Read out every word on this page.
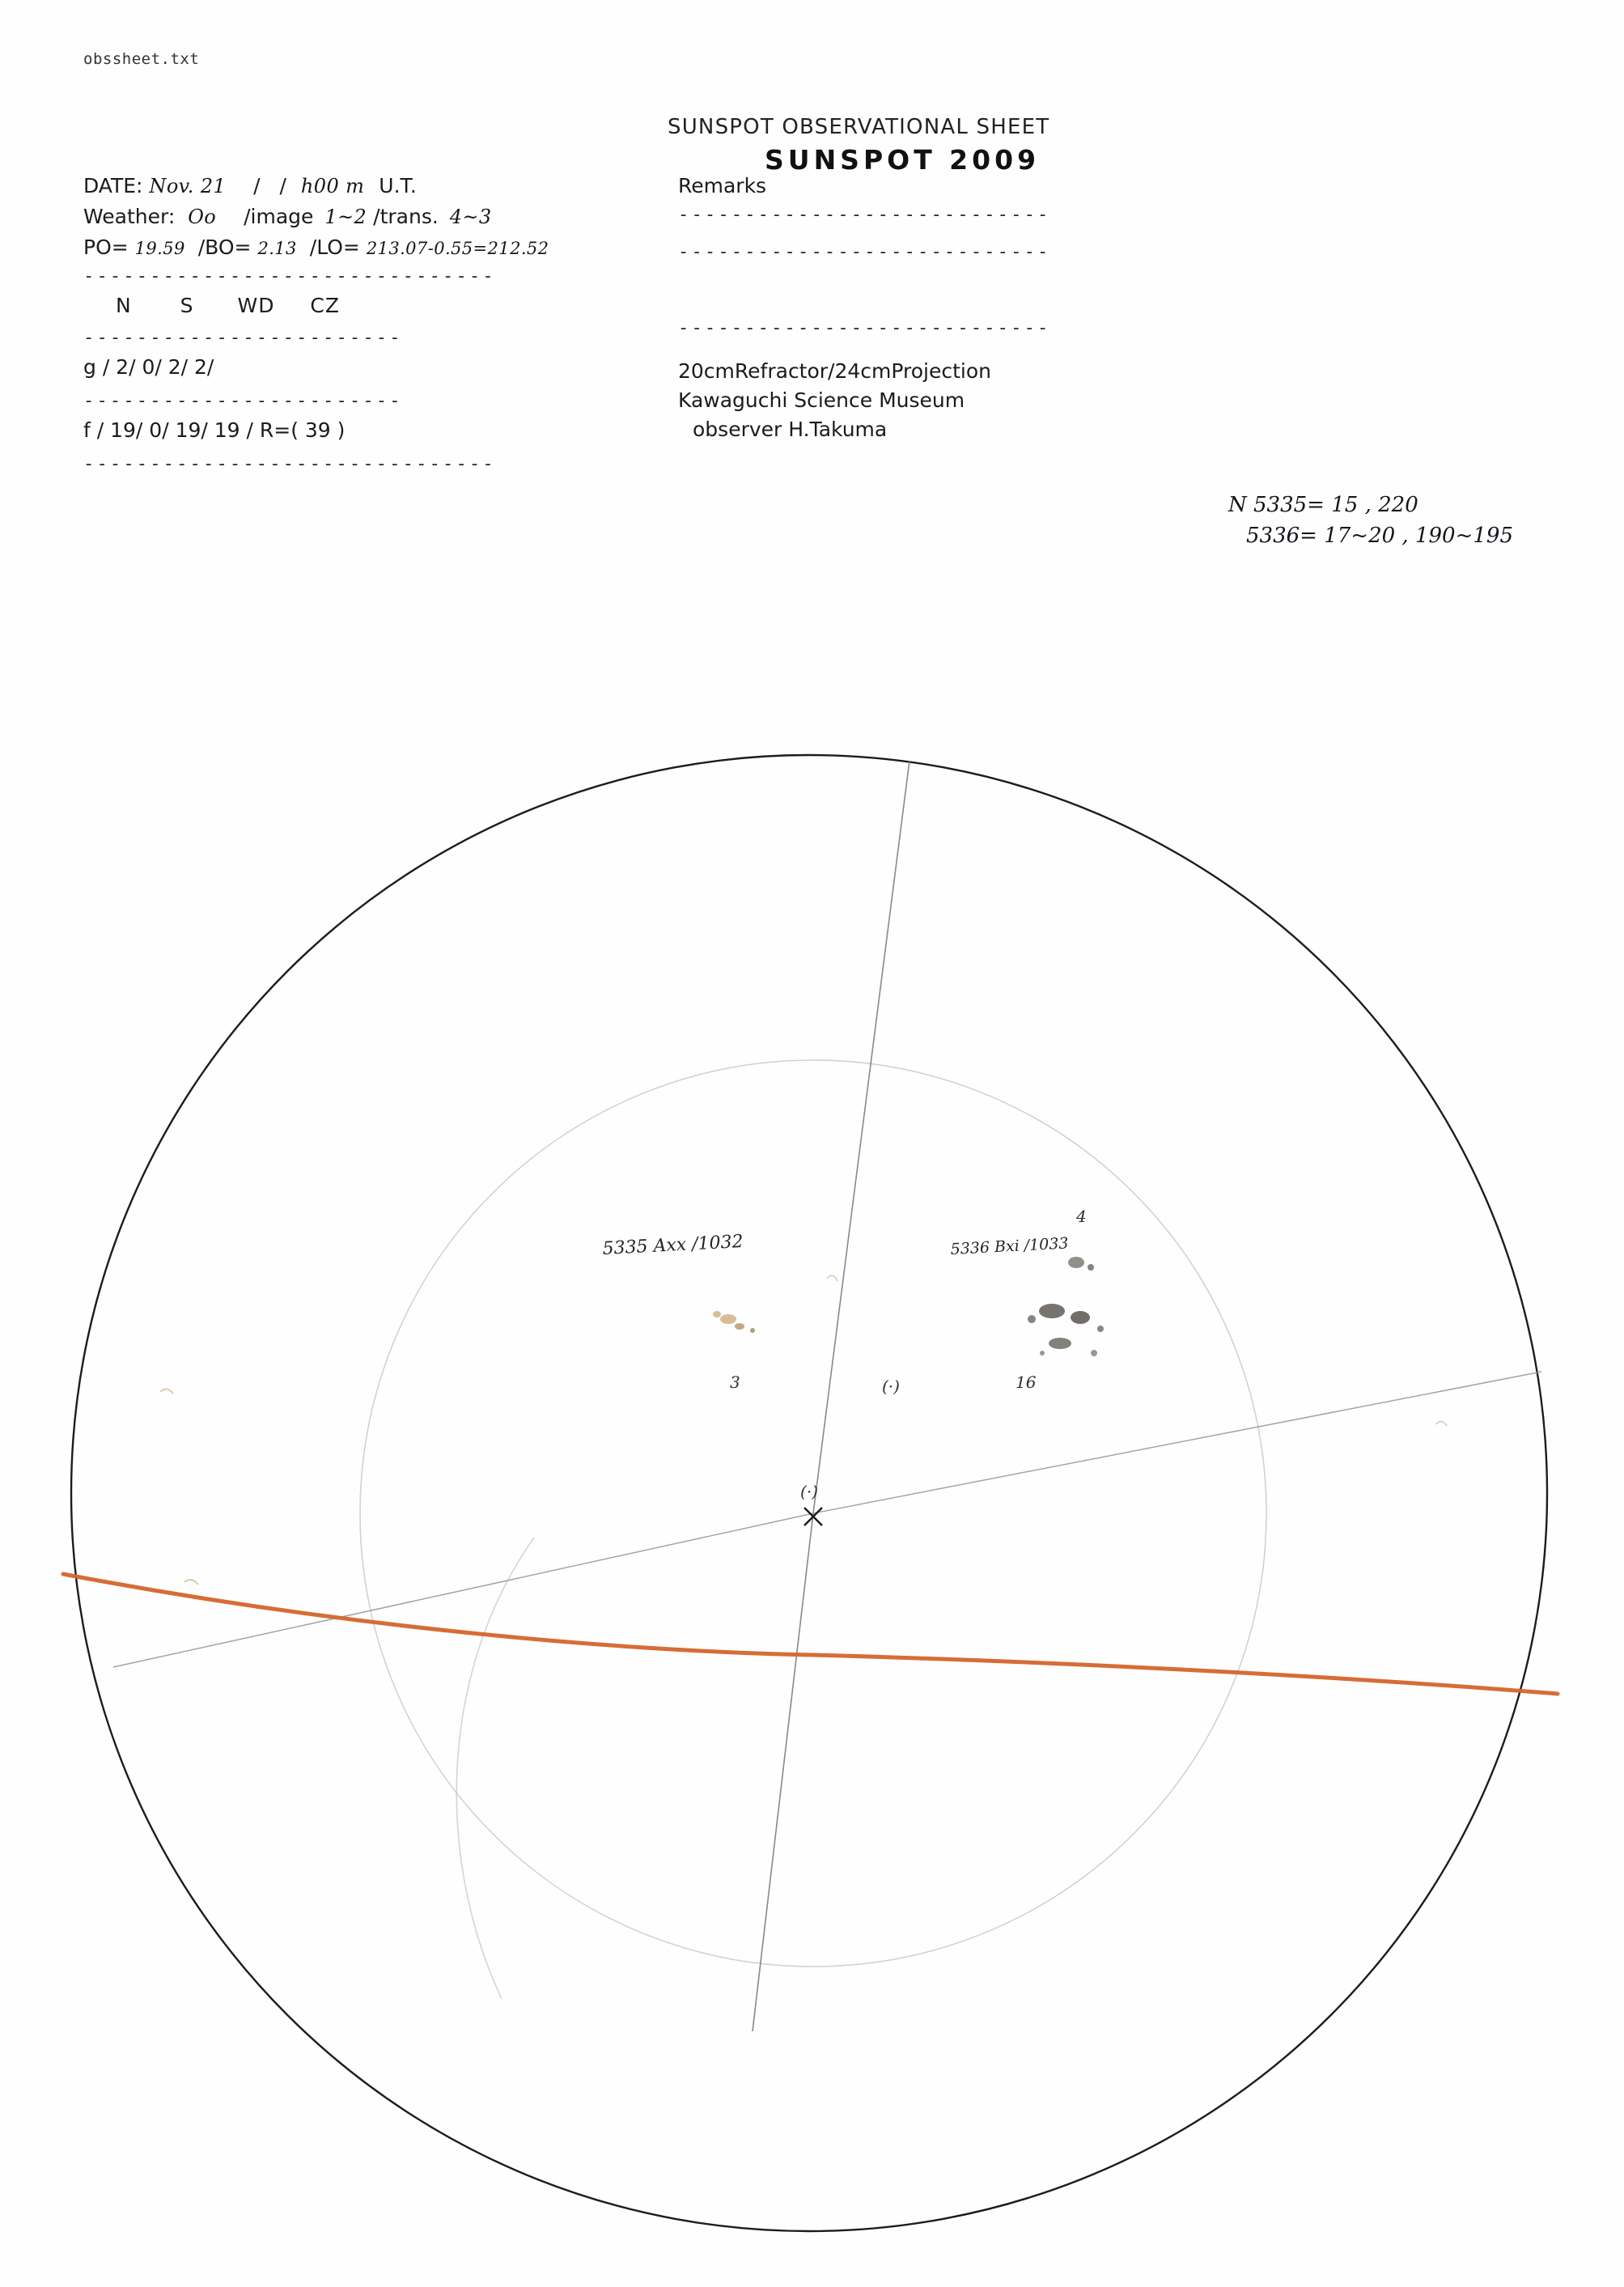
obssheet.txt
SUNSPOT OBSERVATIONAL SHEET
SUNSPOT 2009
DATE: Nov. 21 / / h00 m U.T.
Weather: Oo /image 1~2 /trans. 4~3
PO= 19.59 /BO= 2.13 /LO= 213.07-0.55=212.52
-------------------------------
N S WD CZ
------------------------
g / 2/ 0/ 2/ 2/
------------------------
f / 19/ 0/ 19/ 19 / R=( 39 )
-------------------------------
Remarks
----------------------------
----------------------------
----------------------------
20cmRefractor/24cmProjection
Kawaguchi Science Museum
observer H.Takuma
N 5335= 15 , 220
5336= 17~20 , 190~195
(·)
5335 Axx /1032
3
5336 Bxi /1033
16
4
(·)
